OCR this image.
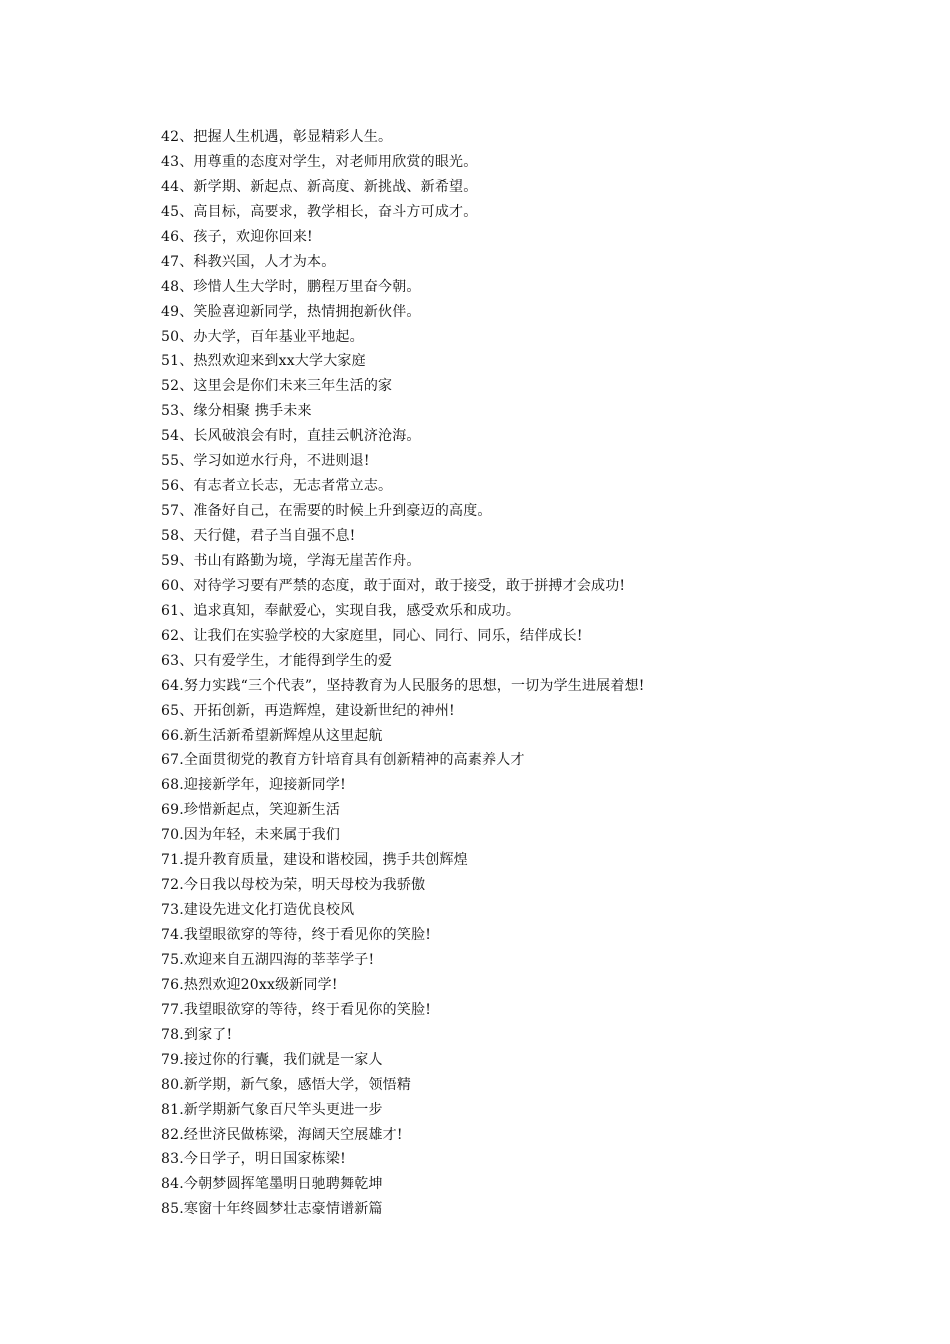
42、把握人生机遇，彰显精彩人生。
43、用尊重的态度对学生，对老师用欣赏的眼光。
44、新学期、新起点、新高度、新挑战、新希望。
45、高目标，高要求，教学相长，奋斗方可成才。
46、孩子，欢迎你回来!
47、科教兴国，人才为本。
48、珍惜人生大学时，鹏程万里奋今朝。
49、笑脸喜迎新同学，热情拥抱新伙伴。
50、办大学，百年基业平地起。
51、热烈欢迎来到xx大学大家庭
52、这里会是你们未来三年生活的家
53、缘分相聚 携手未来
54、长风破浪会有时，直挂云帆济沧海。
55、学习如逆水行舟，不进则退!
56、有志者立长志，无志者常立志。
57、准备好自己，在需要的时候上升到豪迈的高度。
58、天行健，君子当自强不息!
59、书山有路勤为境，学海无崖苦作舟。
60、对待学习要有严禁的态度，敢于面对，敢于接受，敢于拼搏才会成功!
61、追求真知，奉献爱心，实现自我，感受欢乐和成功。
62、让我们在实验学校的大家庭里，同心、同行、同乐，结伴成长!
63、只有爱学生，才能得到学生的爱
64.努力实践“三个代表”，坚持教育为人民服务的思想，一切为学生进展着想!
65、开拓创新，再造辉煌，建设新世纪的神州!
66.新生活新希望新辉煌从这里起航
67.全面贯彻党的教育方针培育具有创新精神的高素养人才
68.迎接新学年，迎接新同学!
69.珍惜新起点，笑迎新生活
70.因为年轻，未来属于我们
71.提升教育质量，建设和谐校园，携手共创辉煌
72.今日我以母校为荣，明天母校为我骄傲
73.建设先进文化打造优良校风
74.我望眼欲穿的等待，终于看见你的笑脸!
75.欢迎来自五湖四海的莘莘学子!
76.热烈欢迎20xx级新同学!
77.我望眼欲穿的等待，终于看见你的笑脸!
78.到家了!
79.接过你的行囊，我们就是一家人
80.新学期，新气象，感悟大学，领悟精
81.新学期新气象百尺竿头更进一步
82.经世济民做栋梁，海阔天空展雄才!
83.今日学子，明日国家栋梁!
84.今朝梦圆挥笔墨明日驰聘舞乾坤
85.寒窗十年终圆梦壮志豪情谱新篇
